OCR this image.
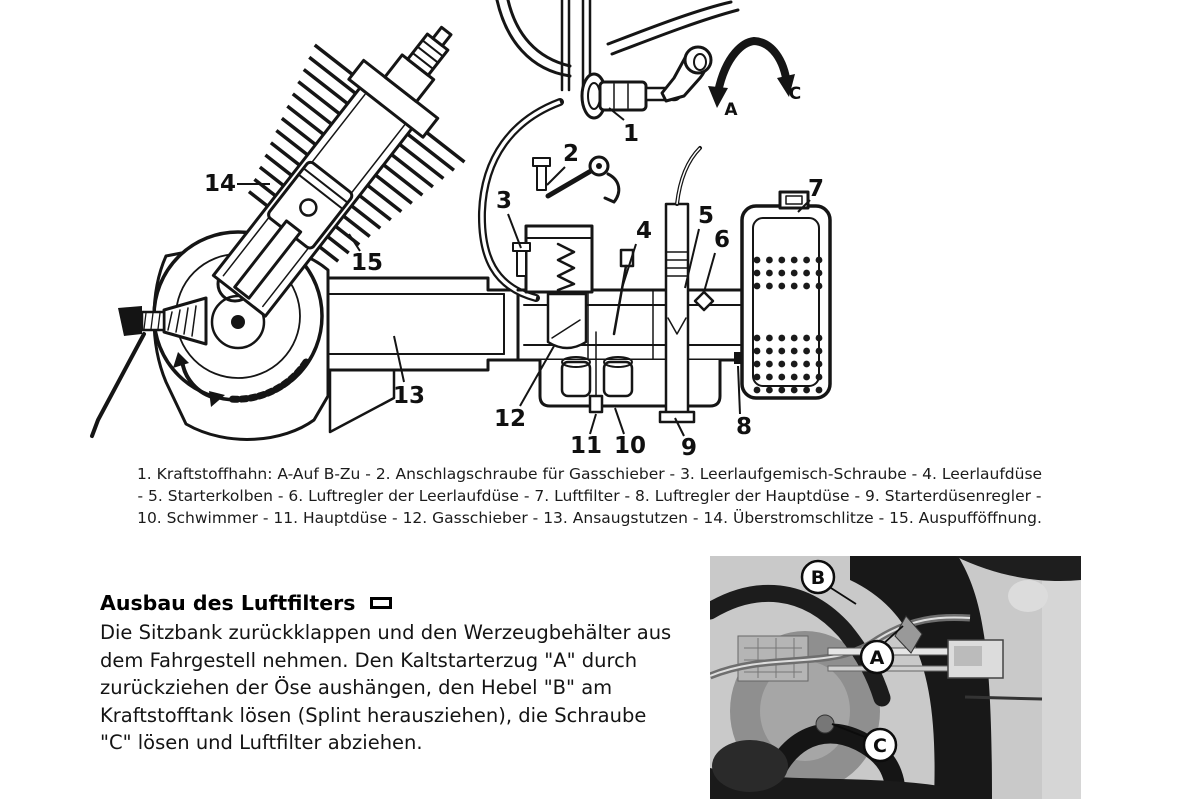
A
C
1
2
3
4
5
6
7
8
9
10
11
12
13
14
15
1. Kraftstoffhahn: A-Auf B-Zu - 2. Anschlagschraube für Gasschieber - 3. Leerlaufgemisch-Schraube - 4. Leerlaufdüse
- 5. Starterkolben - 6. Luftregler der Leerlaufdüse - 7. Luftfilter - 8. Luftregler der Hauptdüse - 9. Starterdüsenregler -
10. Schwimmer - 11. Hauptdüse - 12. Gasschieber - 13. Ansaugstutzen - 14. Überstromschlitze - 15. Auspufföffnung.
Ausbau des Luftfilters
Die Sitzbank zurückklappen und den Werzeugbehälter aus
dem Fahrgestell nehmen. Den Kaltstarterzug "A" durch
zurückziehen der Öse aushängen, den Hebel "B" am
Kraftstofftank lösen (Splint herausziehen), die Schraube
"C" lösen und Luftfilter abziehen.
B
A
C
